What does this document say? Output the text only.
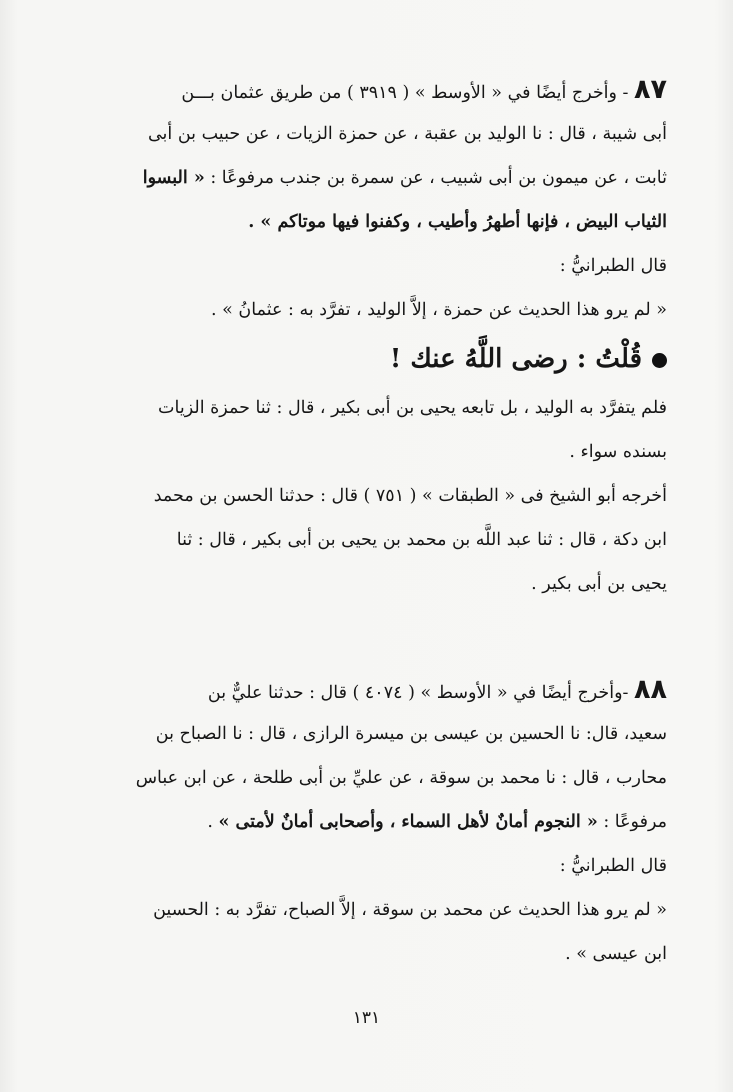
٨٧ - وأخرج أيضًا في « الأوسط » ( ٣٩١٩ ) من طريق عثمان بـــن
أبى شيبة ، قال : نا الوليد بن عقبة ، عن حمزة الزيات ، عن حبيب بن أبى
ثابت ، عن ميمون بن أبى شبيب ، عن سمرة بن جندب مرفوعًا : « البسوا
الثياب البيض ، فإنها أطهرُ وأطيب ، وكفنوا فيها موتاكم » .
قال الطبرانيُّ :
« لم يرو هذا الحديث عن حمزة ، إلاَّ الوليد ، تفرَّد به : عثمانُ » .
قُلْتُ : رضى اللَّهُ عنك !
فلم يتفرَّد به الوليد ، بل تابعه يحيى بن أبى بكير ، قال : ثنا حمزة الزيات
بسنده سواء .
أخرجه أبو الشيخ فى « الطبقات » ( ٧٥١ ) قال : حدثنا الحسن بن محمد
ابن دكة ، قال : ثنا عبد اللَّه بن محمد بن يحيى بن أبى بكير ، قال : ثنا
يحيى بن أبى بكير .
٨٨ -وأخرج أيضًا في « الأوسط » ( ٤٠٧٤ ) قال : حدثنا عليٌّ بن
سعيد، قال: نا الحسين بن عيسى بن ميسرة الرازى ، قال : نا الصباح بن
محارب ، قال : نا محمد بن سوقة ، عن عليِّ بن أبى طلحة ، عن ابن عباس
مرفوعًا : « النجوم أمانٌ لأهل السماء ، وأصحابى أمانٌ لأمتى » .
قال الطبرانيُّ :
« لم يرو هذا الحديث عن محمد بن سوقة ، إلاَّ الصباح، تفرَّد به : الحسين
ابن عيسى » .
١٣١
